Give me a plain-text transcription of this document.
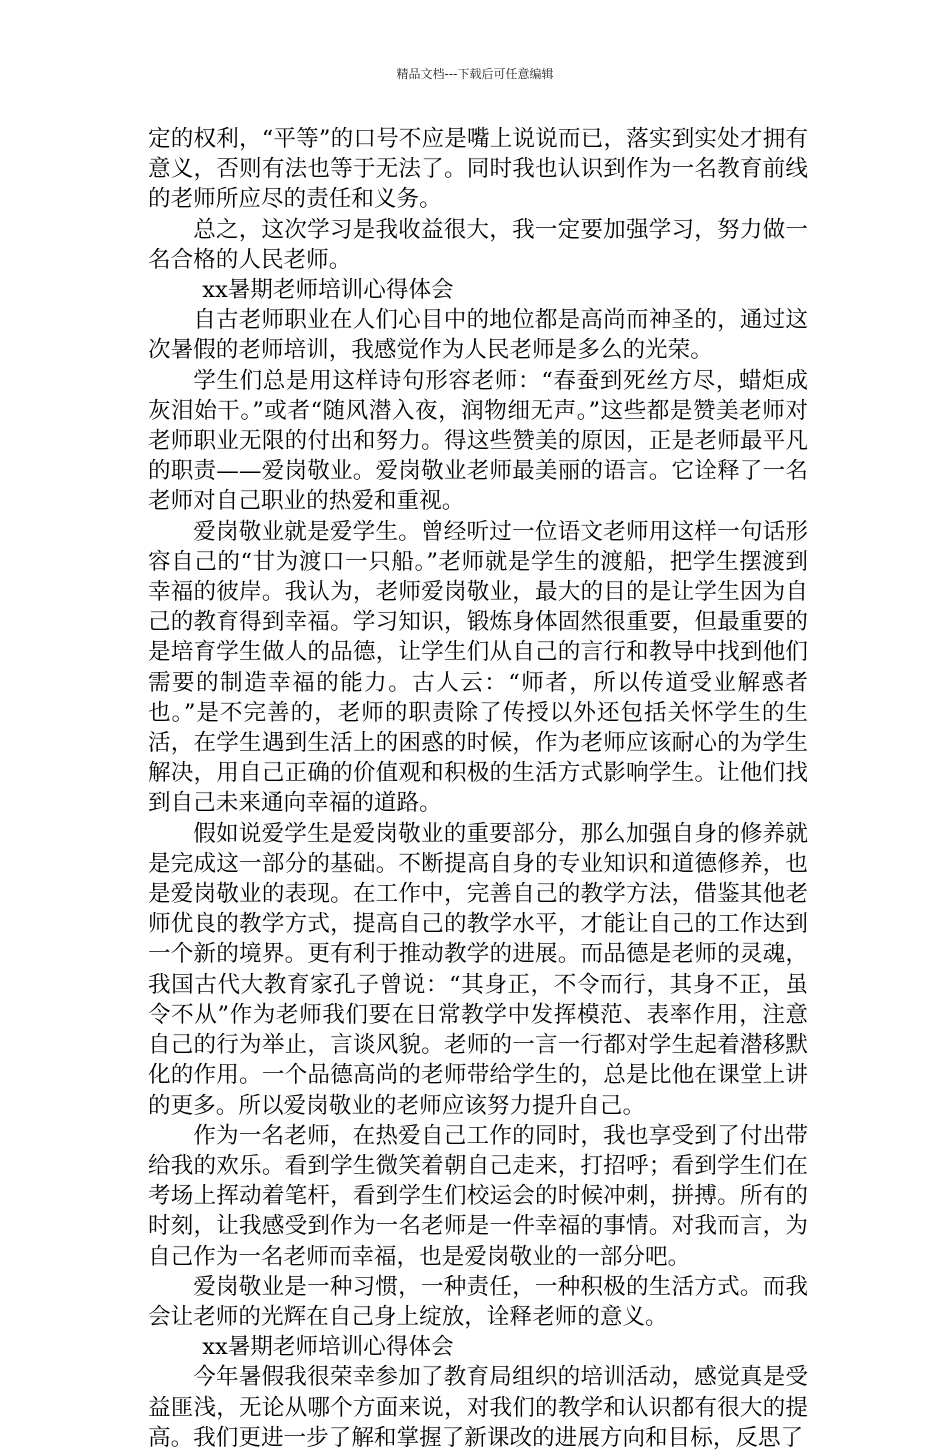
精品文档---下载后可任意编辑

定的权利，“平等”的口号不应是嘴上说说而已，落实到实处才拥有意义，否则有法也等于无法了。同时我也认识到作为一名教育前线的老师所应尽的责任和义务。

总之，这次学习是我收益很大，我一定要加强学习，努力做一名合格的人民老师。

xx暑期老师培训心得体会

自古老师职业在人们心目中的地位都是高尚而神圣的，通过这次暑假的老师培训，我感觉作为人民老师是多么的光荣。

学生们总是用这样诗句形容老师：“春蚕到死丝方尽，蜡炬成灰泪始干。”或者“随风潜入夜，润物细无声。”这些都是赞美老师对老师职业无限的付出和努力。得这些赞美的原因，正是老师最平凡的职责——爱岗敬业。爱岗敬业老师最美丽的语言。它诠释了一名老师对自己职业的热爱和重视。

爱岗敬业就是爱学生。曾经听过一位语文老师用这样一句话形容自己的“甘为渡口一只船。”老师就是学生的渡船，把学生摆渡到幸福的彼岸。我认为，老师爱岗敬业，最大的目的是让学生因为自己的教育得到幸福。学习知识，锻炼身体固然很重要，但最重要的是培育学生做人的品德，让学生们从自己的言行和教导中找到他们需要的制造幸福的能力。古人云：“师者，所以传道受业解惑者也。”是不完善的，老师的职责除了传授以外还包括关怀学生的生活，在学生遇到生活上的困惑的时候，作为老师应该耐心的为学生解决，用自己正确的价值观和积极的生活方式影响学生。让他们找到自己未来通向幸福的道路。

假如说爱学生是爱岗敬业的重要部分，那么加强自身的修养就是完成这一部分的基础。不断提高自身的专业知识和道德修养，也是爱岗敬业的表现。在工作中，完善自己的教学方法，借鉴其他老师优良的教学方式，提高自己的教学水平，才能让自己的工作达到一个新的境界。更有利于推动教学的进展。而品德是老师的灵魂，我国古代大教育家孔子曾说：“其身正，不令而行，其身不正，虽令不从”作为老师我们要在日常教学中发挥模范、表率作用，注意自己的行为举止，言谈风貌。老师的一言一行都对学生起着潜移默化的作用。一个品德高尚的老师带给学生的，总是比他在课堂上讲的更多。所以爱岗敬业的老师应该努力提升自己。

作为一名老师，在热爱自己工作的同时，我也享受到了付出带给我的欢乐。看到学生微笑着朝自己走来，打招呼；看到学生们在考场上挥动着笔杆，看到学生们校运会的时候冲刺，拼搏。所有的时刻，让我感受到作为一名老师是一件幸福的事情。对我而言，为自己作为一名老师而幸福，也是爱岗敬业的一部分吧。

爱岗敬业是一种习惯，一种责任，一种积极的生活方式。而我会让老师的光辉在自己身上绽放，诠释老师的意义。

xx暑期老师培训心得体会

今年暑假我很荣幸参加了教育局组织的培训活动，感觉真是受益匪浅，无论从哪个方面来说，对我们的教学和认识都有很大的提高。我们更进一步了解和掌握了新课改的进展方向和目标，反思了
